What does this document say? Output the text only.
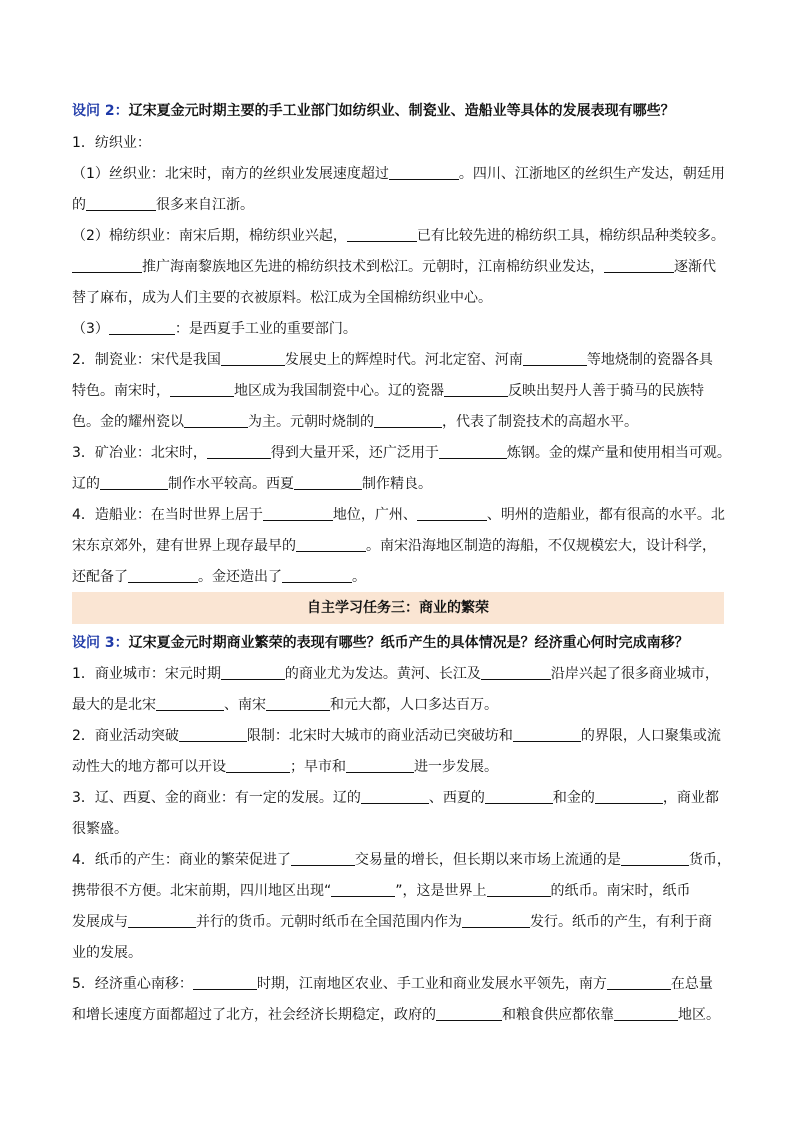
设问 2：辽宋夏金元时期主要的手工业部门如纺织业、制瓷业、造船业等具体的发展表现有哪些？
1．纺织业：
（1）丝织业：北宋时，南方的丝织业发展速度超过	。四川、江浙地区的丝织生产发达，朝廷用
的	很多来自江浙。
（2）棉纺织业：南宋后期，棉纺织业兴起，	已有比较先进的棉纺织工具，棉纺织品种类较多。
推广海南黎族地区先进的棉纺织技术到松江。元朝时，江南棉纺织业发达，	逐渐代
替了麻布，成为人们主要的衣被原料。松江成为全国棉纺织业中心。
（3）	：是西夏手工业的重要部门。
2．制瓷业：宋代是我国	发展史上的辉煌时代。河北定窑、河南	等地烧制的瓷器各具
特色。南宋时，	地区成为我国制瓷中心。辽的瓷器	反映出契丹人善于骑马的民族特
色。金的耀州瓷以	为主。元朝时烧制的	，代表了制瓷技术的高超水平。
3．矿冶业：北宋时，	得到大量开采，还广泛用于	炼钢。金的煤产量和使用相当可观。
辽的	制作水平较高。西夏	制作精良。
4．造船业：在当时世界上居于	地位，广州、	、明州的造船业，都有很高的水平。北
宋东京郊外，建有世界上现存最早的	。南宋沿海地区制造的海船，不仅规模宏大，设计科学，
还配备了	。金还造出了	。
自主学习任务三：商业的繁荣
设问 3：辽宋夏金元时期商业繁荣的表现有哪些？纸币产生的具体情况是？经济重心何时完成南移？
1．商业城市：宋元时期	的商业尤为发达。黄河、长江及	沿岸兴起了很多商业城市，
最大的是北宋	、南宋	和元大都，人口多达百万。
2．商业活动突破	限制：北宋时大城市的商业活动已突破坊和	的界限，人口聚集或流
动性大的地方都可以开设	；早市和	进一步发展。
3．辽、西夏、金的商业：有一定的发展。辽的	、西夏的	和金的	，商业都
很繁盛。
4．纸币的产生：商业的繁荣促进了	交易量的增长，但长期以来市场上流通的是	货币，
携带很不方便。北宋前期，四川地区出现“	”，这是世界上	的纸币。南宋时，纸币
发展成与	并行的货币。元朝时纸币在全国范围内作为	发行。纸币的产生，有利于商
业的发展。
5．经济重心南移：	时期，江南地区农业、手工业和商业发展水平领先，南方	在总量
和增长速度方面都超过了北方，社会经济长期稳定，政府的	和粮食供应都依靠	地区。
